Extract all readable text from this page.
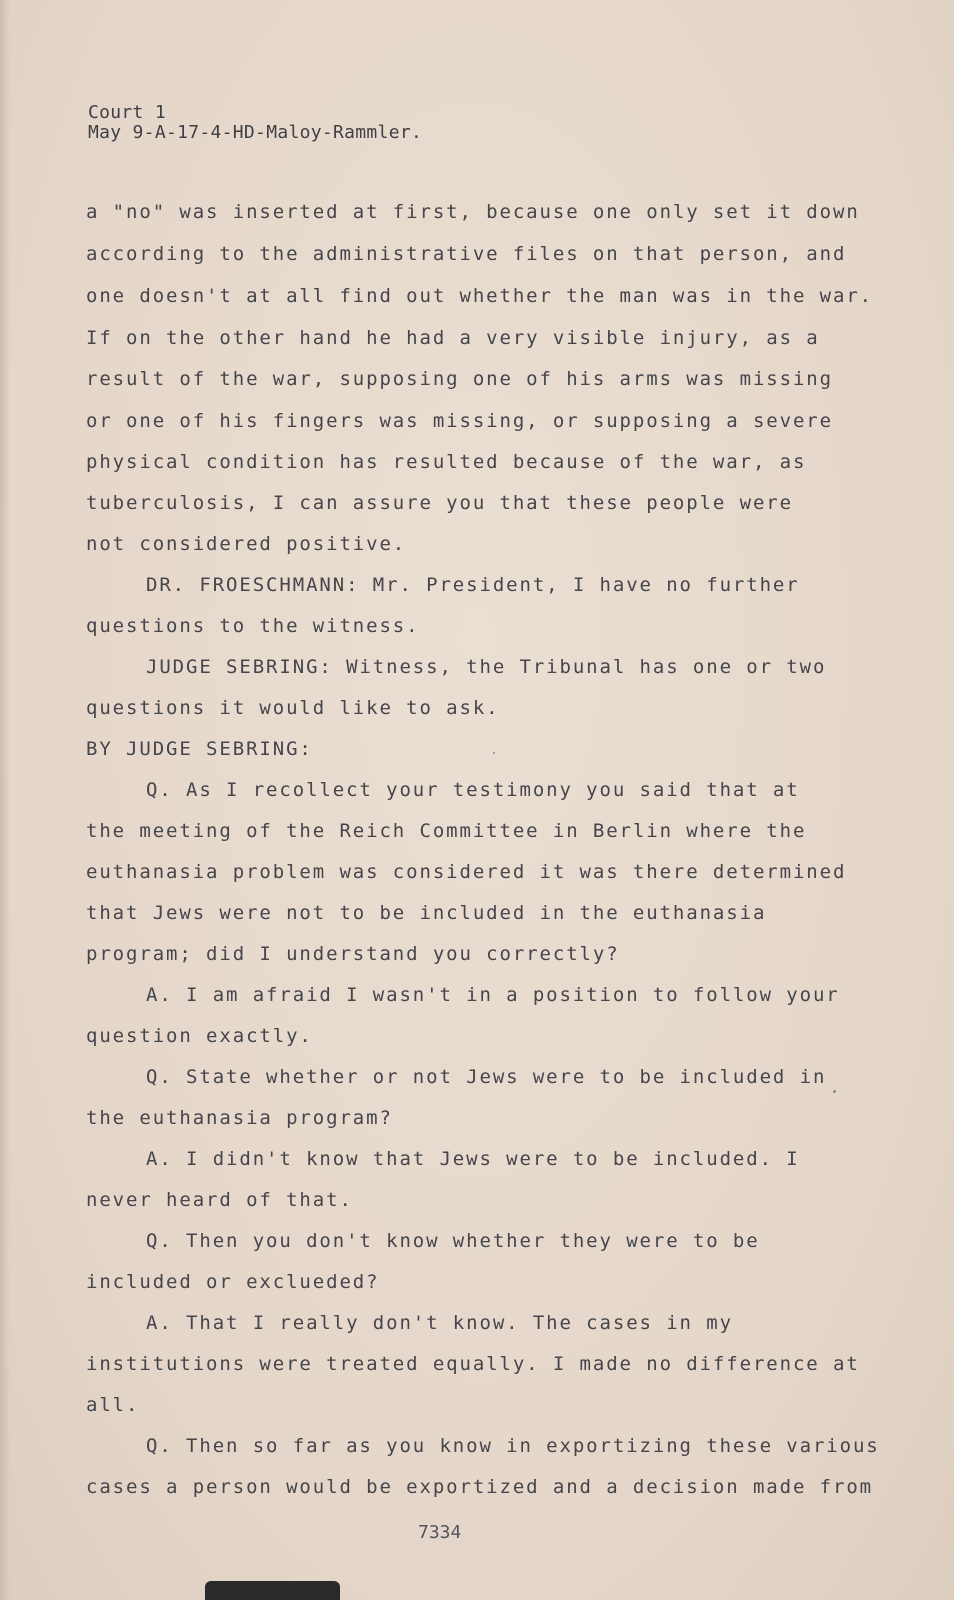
Court 1
May 9-A-17-4-HD-Maloy-Rammler.
a "no" was inserted at first, because one only set it down
according to the administrative files on that person, and
one doesn't at all find out whether the man was in the war.
If on the other hand he had a very visible injury, as a
result of the war, supposing one of his arms was missing
or one of his fingers was missing, or supposing a severe
physical condition has resulted because of the war, as
tuberculosis, I can assure you that these people were
not considered positive.
DR. FROESCHMANN: Mr. President, I have no further
questions to the witness.
JUDGE SEBRING: Witness, the Tribunal has one or two
questions it would like to ask.
BY JUDGE SEBRING:
Q. As I recollect your testimony you said that at
the meeting of the Reich Committee in Berlin where the
euthanasia problem was considered it was there determined
that Jews were not to be included in the euthanasia
program; did I understand you correctly?
A. I am afraid I wasn't in a position to follow your
question exactly.
Q. State whether or not Jews were to be included in
the euthanasia program?
A. I didn't know that Jews were to be included. I
never heard of that.
Q. Then you don't know whether they were to be
included or exclueded?
A. That I really don't know. The cases in my
institutions were treated equally. I made no difference at
all.
Q. Then so far as you know in exportizing these various
cases a person would be exportized and a decision made from
7334
